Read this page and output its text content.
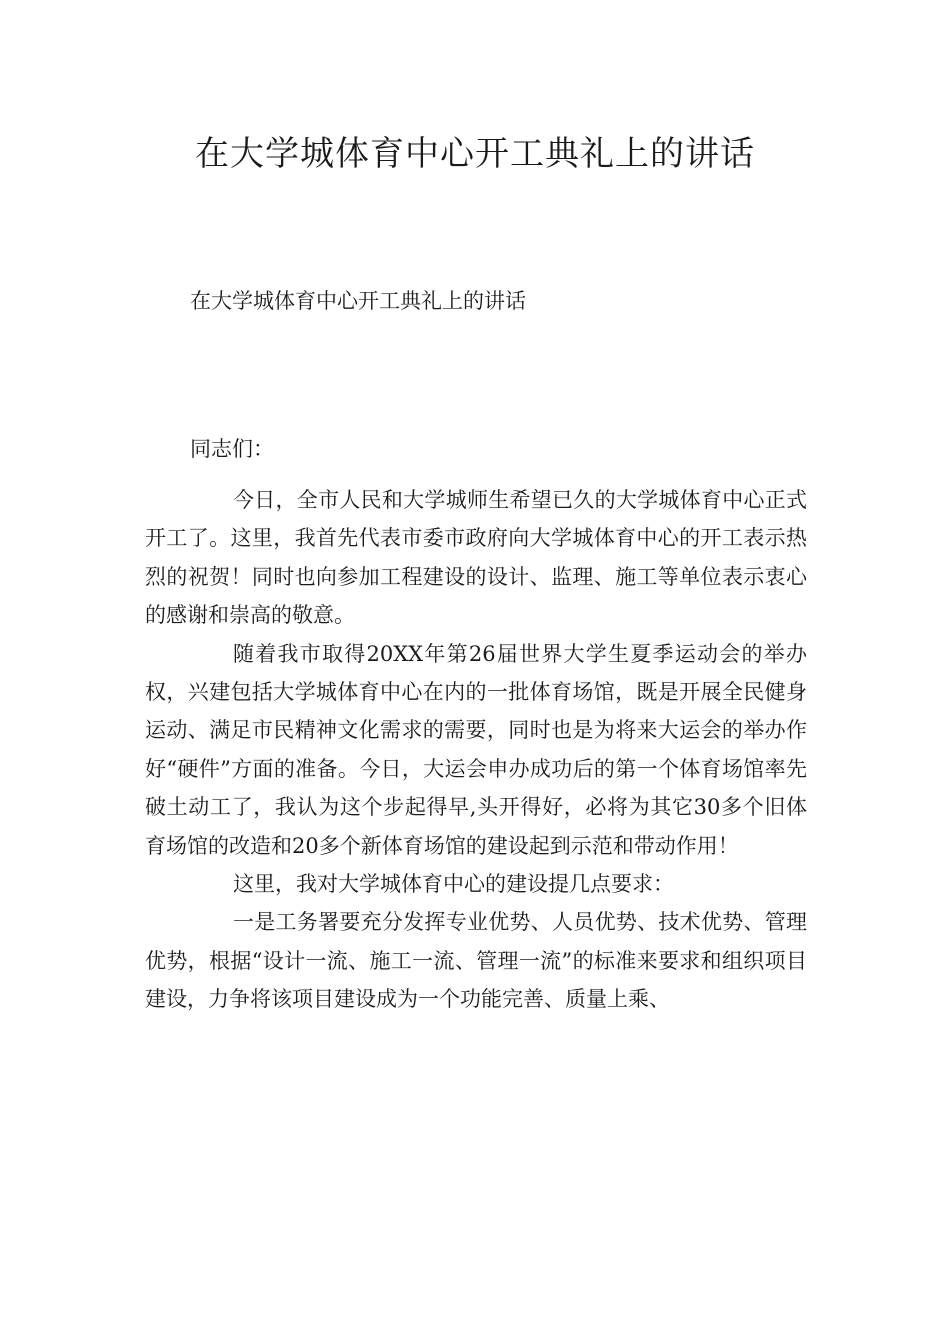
在大学城体育中心开工典礼上的讲话

在大学城体育中心开工典礼上的讲话

同志们：

今日，全市人民和大学城师生希望已久的大学城体育中心正式开工了。这里，我首先代表市委市政府向大学城体育中心的开工表示热烈的祝贺！同时也向参加工程建设的设计、监理、施工等单位表示衷心的感谢和崇高的敬意。

随着我市取得20XX年第26届世界大学生夏季运动会的举办权，兴建包括大学城体育中心在内的一批体育场馆，既是开展全民健身运动、满足市民精神文化需求的需要，同时也是为将来大运会的举办作好“硬件”方面的准备。今日，大运会申办成功后的第一个体育场馆率先破土动工了，我认为这个步起得早,头开得好，必将为其它30多个旧体育场馆的改造和20多个新体育场馆的建设起到示范和带动作用！

这里，我对大学城体育中心的建设提几点要求：

一是工务署要充分发挥专业优势、人员优势、技术优势、管理优势，根据“设计一流、施工一流、管理一流”的标准来要求和组织项目建设，力争将该项目建设成为一个功能完善、质量上乘、
